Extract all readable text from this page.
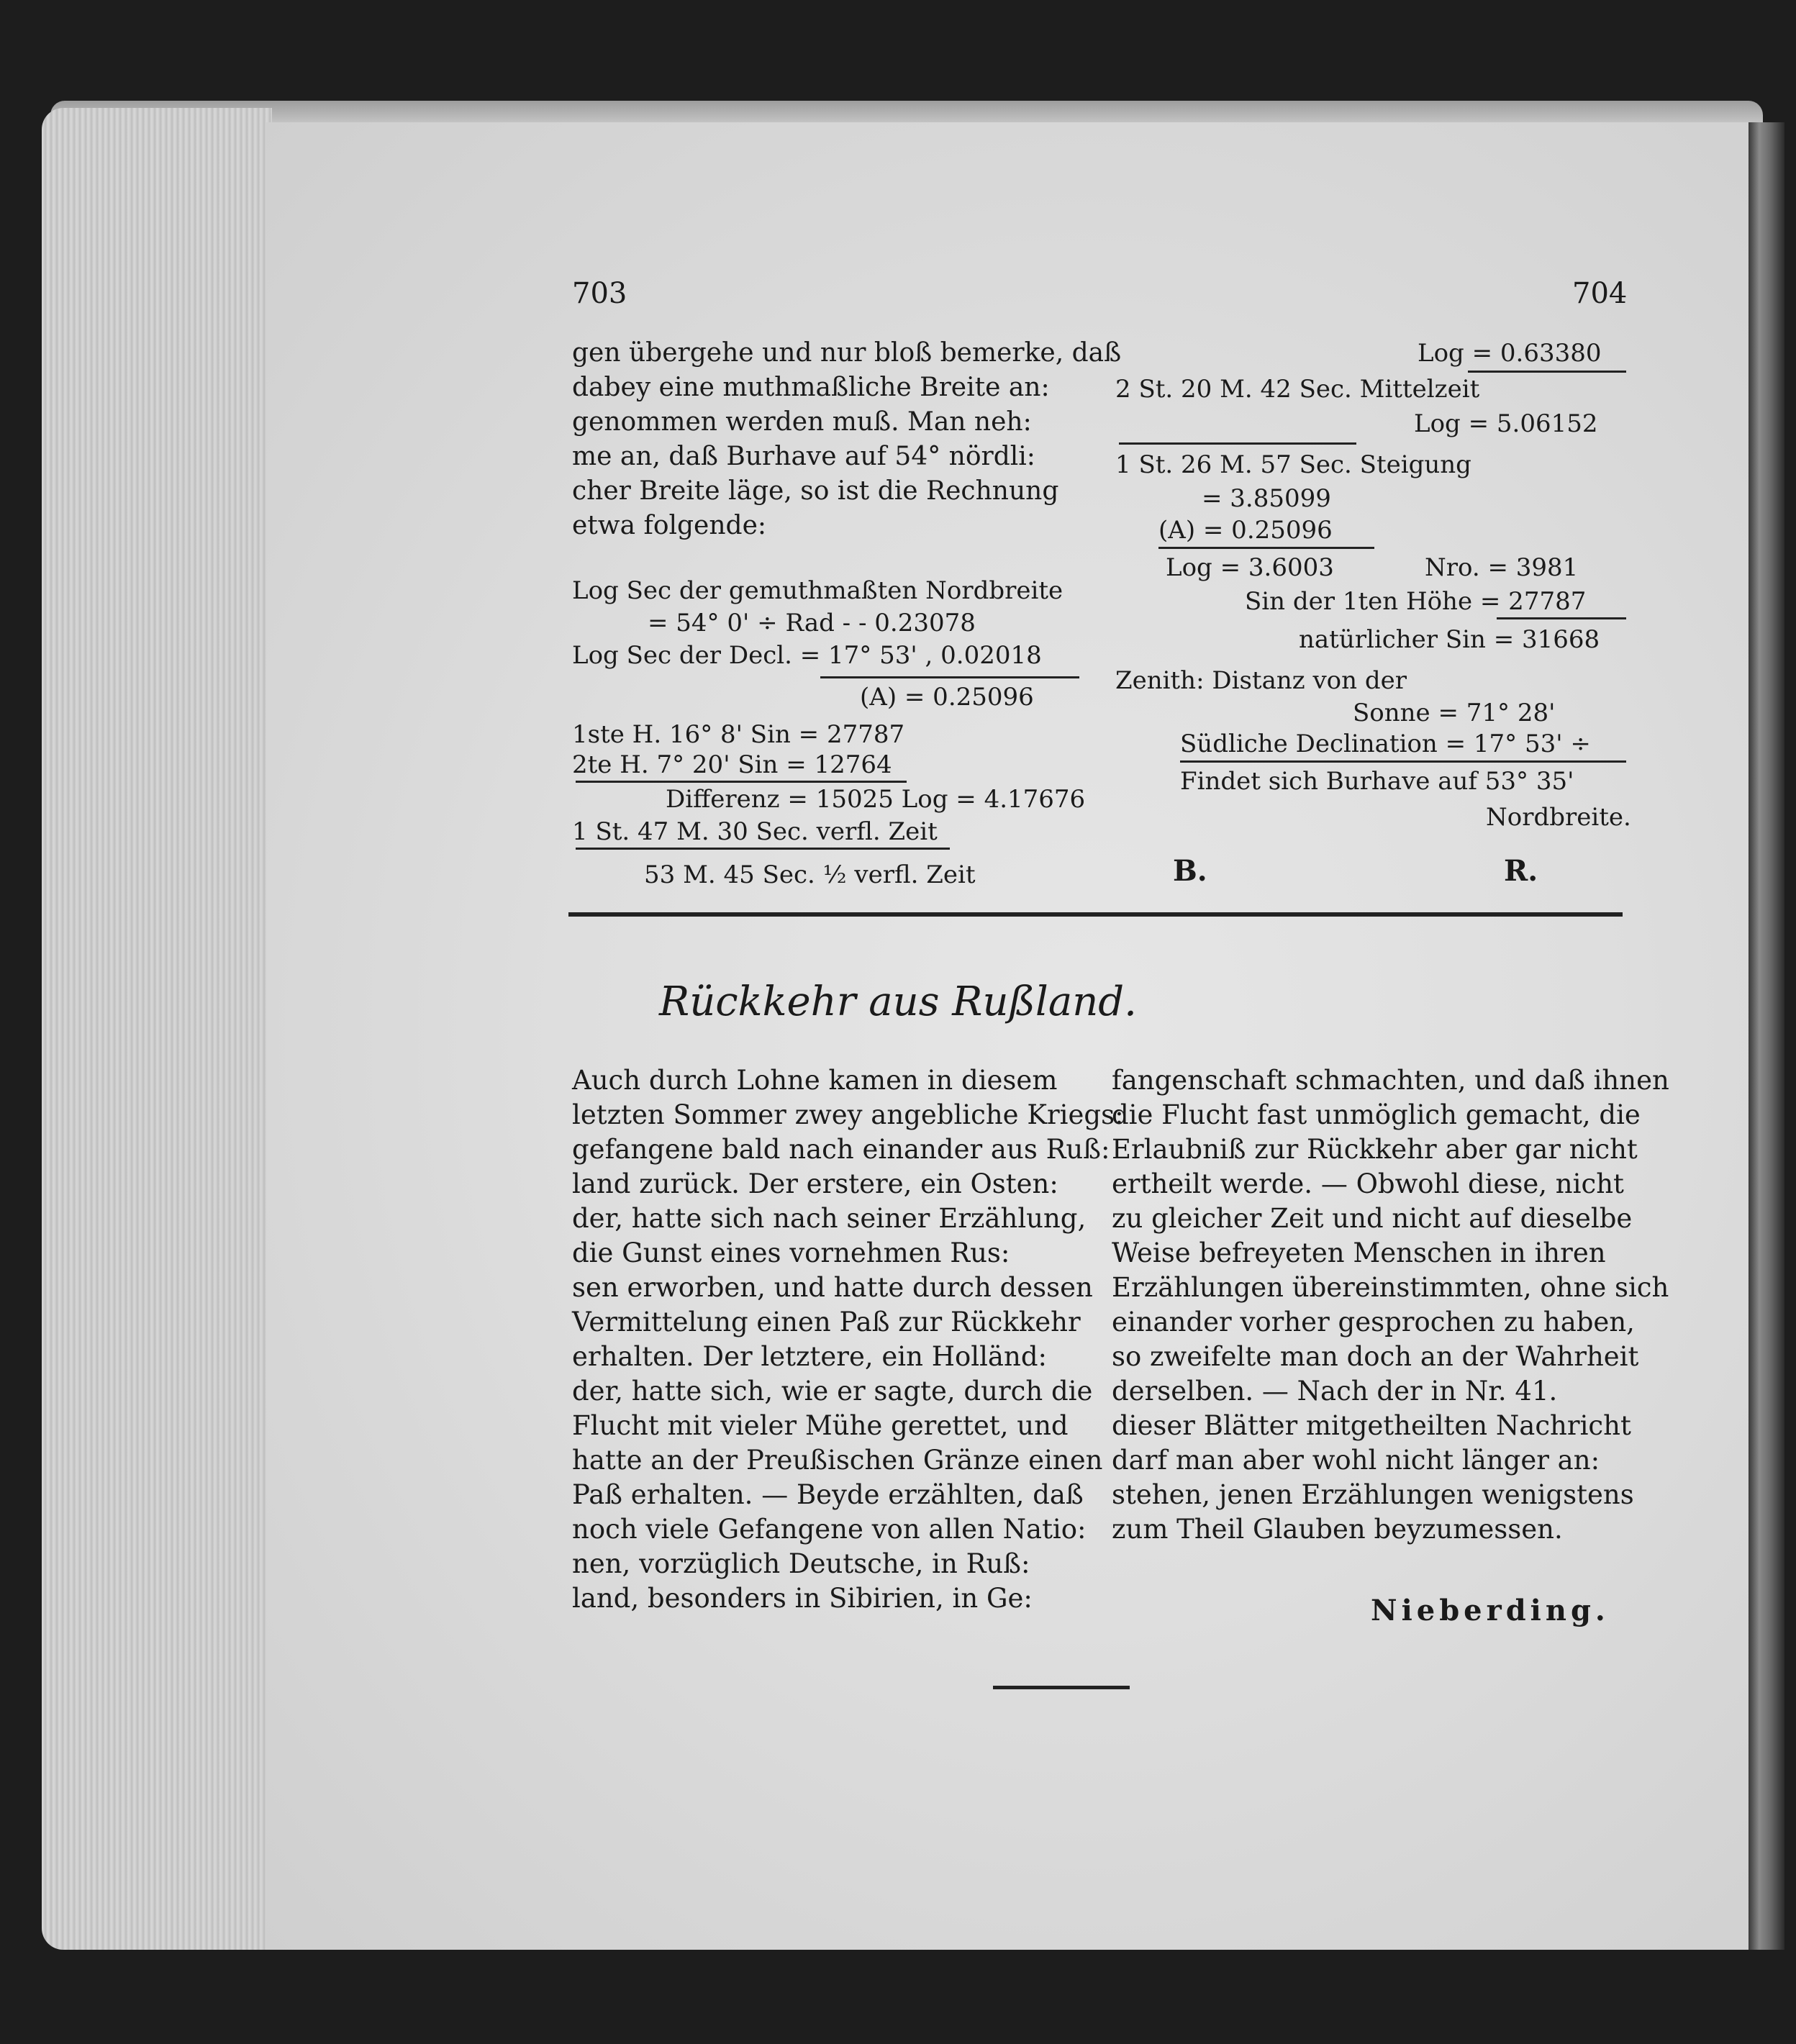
703	704
gen übergehe und nur bloß bemerke, daß
dabey eine muthmaßliche Breite an:
genommen werden muß. Man neh:
me an, daß Burhave auf 54° nördli:
cher Breite läge, so ist die Rechnung
etwa folgende:
Log Sec der gemuthmaßten Nordbreite
= 54° 0' ÷ Rad - - 0.23078
Log Sec der Decl. = 17° 53' , 0.02018
(A) = 0.25096
1ste H. 16° 8' Sin = 27787
2te H. 7° 20' Sin = 12764
Differenz = 15025 Log = 4.17676
1 St. 47 M. 30 Sec. verfl. Zeit
53 M. 45 Sec. ½ verfl. Zeit
Log = 0.63380
2 St. 20 M. 42 Sec. Mittelzeit
Log = 5.06152
1 St. 26 M. 57 Sec. Steigung
= 3.85099
(A) = 0.25096
Log = 3.6003	Nro. = 3981
Sin der 1ten Höhe = 27787
natürlicher Sin = 31668
Zenith: Distanz von der
Sonne = 71° 28'
Südliche Declination = 17° 53' ÷
Findet sich Burhave auf 53° 35'
Nordbreite.
B.	R.
Rückkehr aus Rußland.
Auch durch Lohne kamen in diesem
letzten Sommer zwey angebliche Kriegs:
gefangene bald nach einander aus Ruß:
land zurück. Der erstere, ein Osten:
der, hatte sich nach seiner Erzählung,
die Gunst eines vornehmen Rus:
sen erworben, und hatte durch dessen
Vermittelung einen Paß zur Rückkehr
erhalten. Der letztere, ein Holländ:
der, hatte sich, wie er sagte, durch die
Flucht mit vieler Mühe gerettet, und
hatte an der Preußischen Gränze einen
Paß erhalten. — Beyde erzählten, daß
noch viele Gefangene von allen Natio:
nen, vorzüglich Deutsche, in Ruß:
land, besonders in Sibirien, in Ge:
fangenschaft schmachten, und daß ihnen
die Flucht fast unmöglich gemacht, die
Erlaubniß zur Rückkehr aber gar nicht
ertheilt werde. — Obwohl diese, nicht
zu gleicher Zeit und nicht auf dieselbe
Weise befreyeten Menschen in ihren
Erzählungen übereinstimmten, ohne sich
einander vorher gesprochen zu haben,
so zweifelte man doch an der Wahrheit
derselben. — Nach der in Nr. 41.
dieser Blätter mitgetheilten Nachricht
darf man aber wohl nicht länger an:
stehen, jenen Erzählungen wenigstens
zum Theil Glauben beyzumessen.
Nieberding.
